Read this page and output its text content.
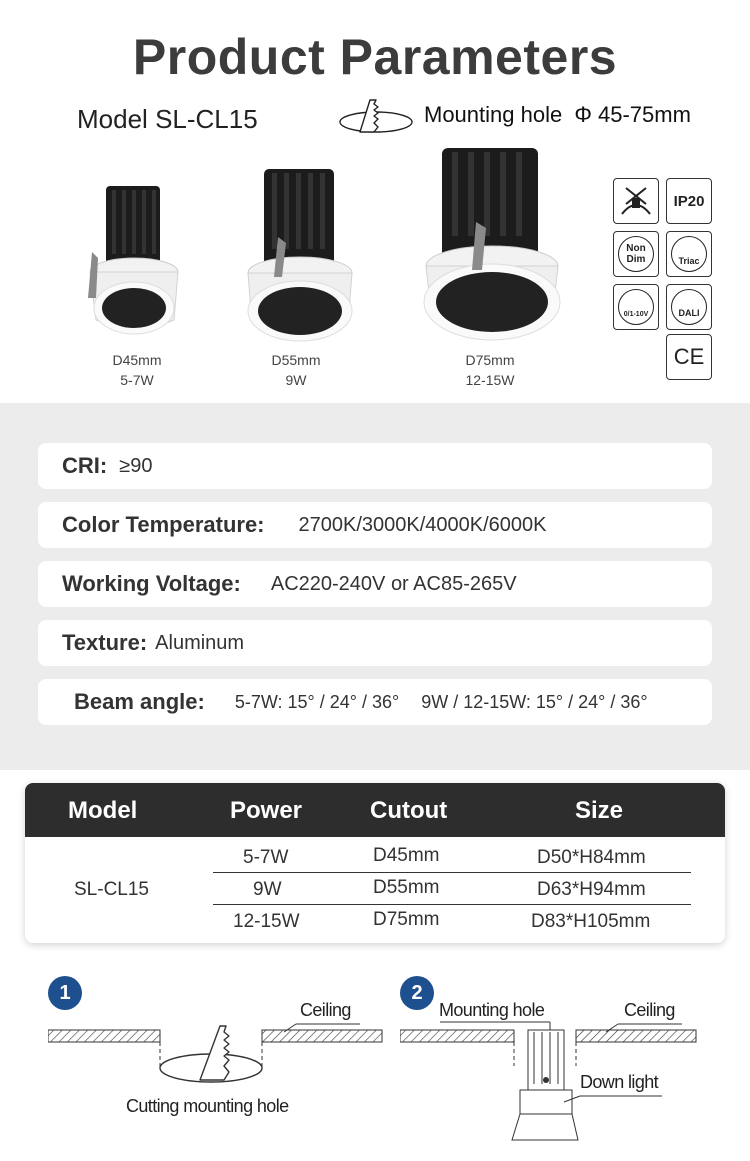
Product Parameters
Model SL-CL15	Mounting hole Φ 45-75mm
D45mm
5-7W
D55mm
9W
D75mm
12-15W
IP20
Non Dim	Triac
0/1-10V	DALI
CE
CRI: ≥90
Color Temperature: 2700K/3000K/4000K/6000K
Working Voltage: AC220-240V or AC85-265V
Texture: Aluminum
Beam angle: 5-7W: 15° / 24° / 36° 9W / 12-15W: 15° / 24° / 36°
Model	Power	Cutout	Size
SL-CL15
5-7W	D45mm	D50*H84mm
9W	D55mm	D63*H94mm
12-15W	D75mm	D83*H105mm
1
Ceiling
Cutting mounting hole
2
Mounting hole	Ceiling
Down light
